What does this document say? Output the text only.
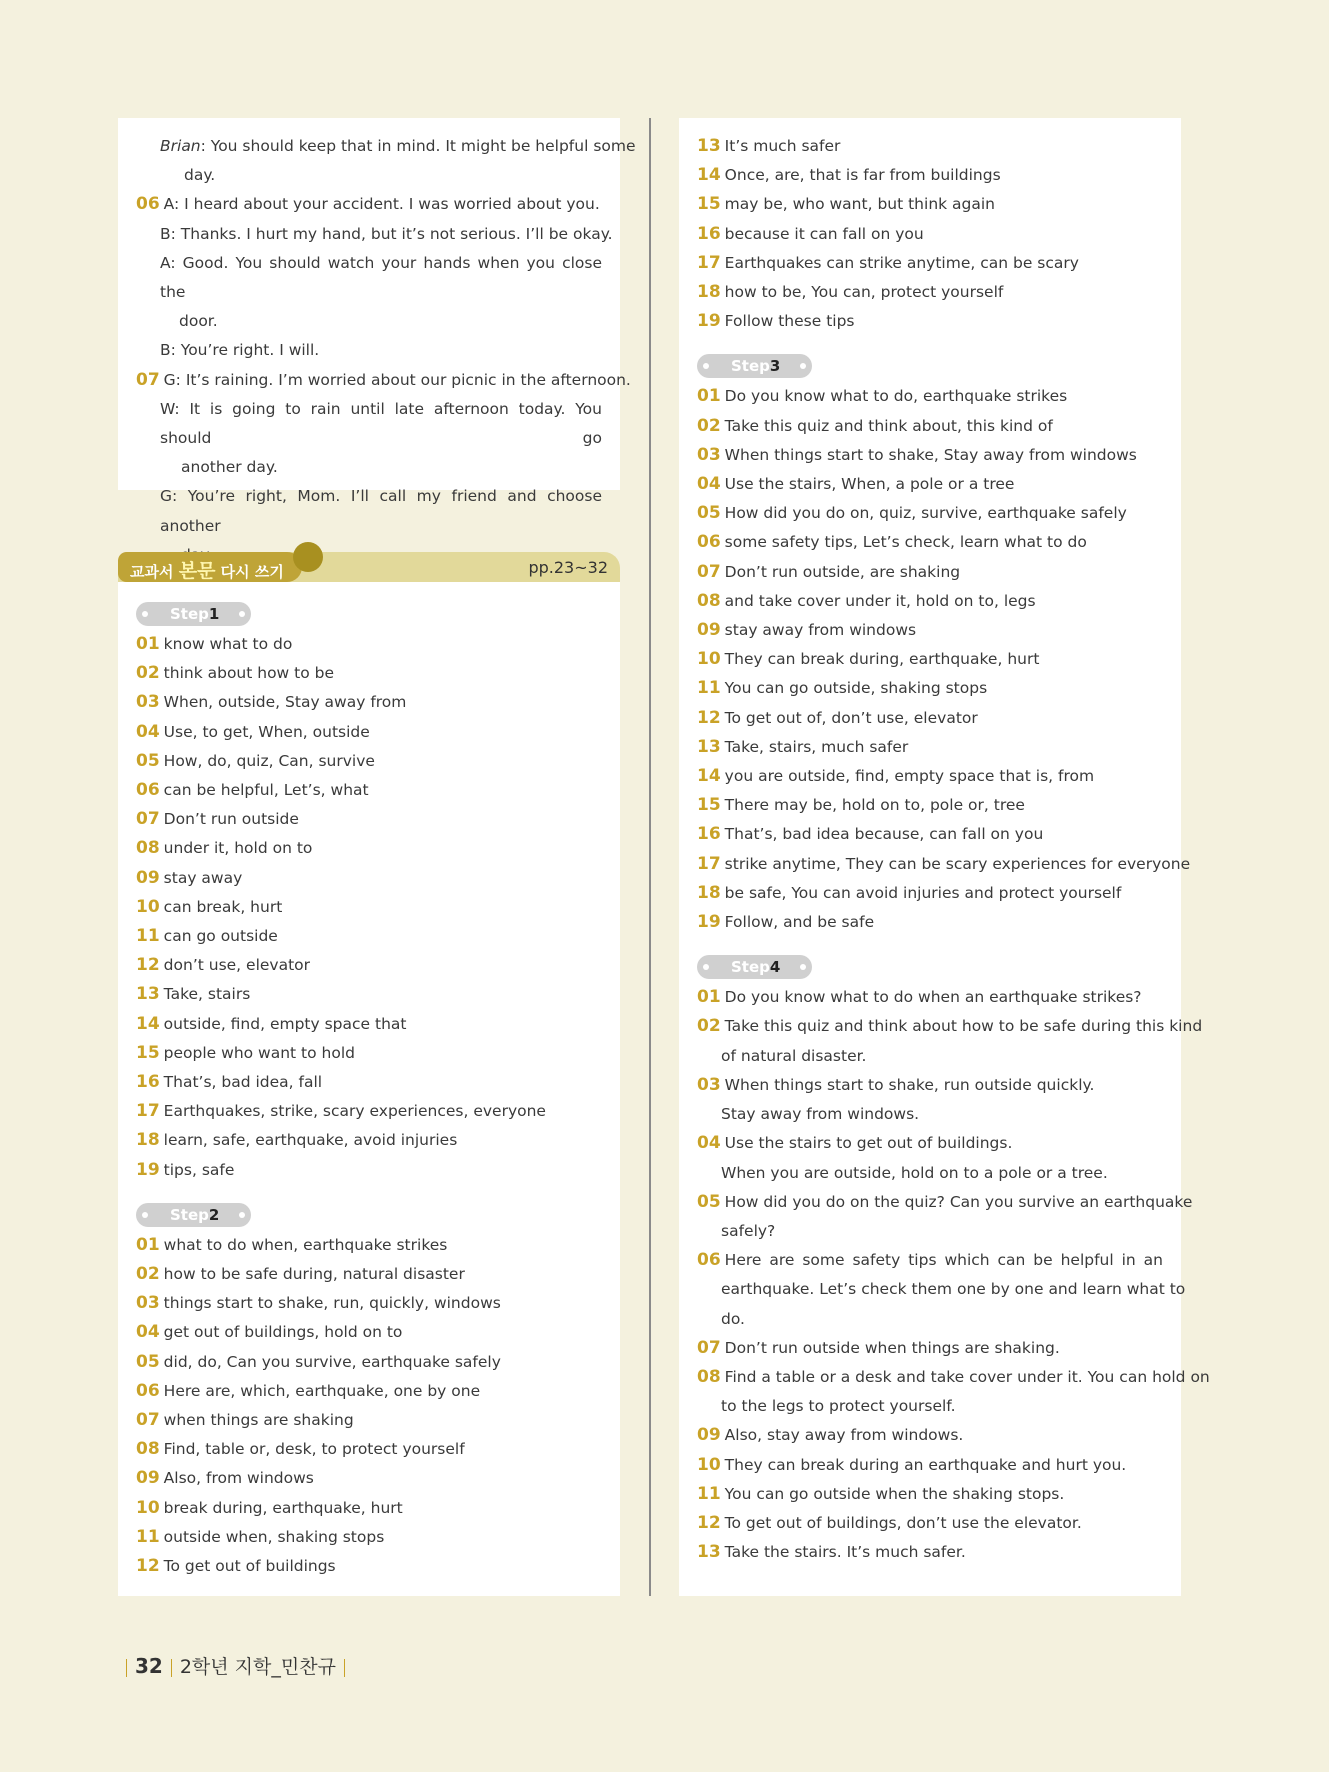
Brian: You should keep that in mind. It might be helpful some
day.
06 A: I heard about your accident. I was worried about you.
B: Thanks. I hurt my hand, but it’s not serious. I’ll be okay.
A: Good. You should watch your hands when you close the
door.
B: You’re right. I will.
07 G: It’s raining. I’m worried about our picnic in the afternoon.
W: It is going to rain until late afternoon today. You should go
another day.
G: You’re right, Mom. I’ll call my friend and choose another
교과서 본문 다시 쓰기	pp.23~32
Step1
01 know what to do
02 think about how to be
03 When, outside, Stay away from
04 Use, to get, When, outside
05 How, do, quiz, Can, survive
06 can be helpful, Let’s, what
07 Don’t run outside
08 under it, hold on to
09 stay away
10 can break, hurt
11 can go outside
12 don’t use, elevator
13 Take, stairs
14 outside, find, empty space that
15 people who want to hold
16 That’s, bad idea, fall
17 Earthquakes, strike, scary experiences, everyone
18 learn, safe, earthquake, avoid injuries
19 tips, safe
Step2
01 what to do when, earthquake strikes
02 how to be safe during, natural disaster
03 things start to shake, run, quickly, windows
04 get out of buildings, hold on to
05 did, do, Can you survive, earthquake safely
06 Here are, which, earthquake, one by one
07 when things are shaking
08 Find, table or, desk, to protect yourself
09 Also, from windows
10 break during, earthquake, hurt
11 outside when, shaking stops
12 To get out of buildings
13 It’s much safer
14 Once, are, that is far from buildings
15 may be, who want, but think again
16 because it can fall on you
17 Earthquakes can strike anytime, can be scary
18 how to be, You can, protect yourself
19 Follow these tips
Step3
01 Do you know what to do, earthquake strikes
02 Take this quiz and think about, this kind of
03 When things start to shake, Stay away from windows
04 Use the stairs, When, a pole or a tree
05 How did you do on, quiz, survive, earthquake safely
06 some safety tips, Let’s check, learn what to do
07 Don’t run outside, are shaking
08 and take cover under it, hold on to, legs
09 stay away from windows
10 They can break during, earthquake, hurt
11 You can go outside, shaking stops
12 To get out of, don’t use, elevator
13 Take, stairs, much safer
14 you are outside, find, empty space that is, from
15 There may be, hold on to, pole or, tree
16 That’s, bad idea because, can fall on you
17 strike anytime, They can be scary experiences for everyone
18 be safe, You can avoid injuries and protect yourself
19 Follow, and be safe
Step4
01 Do you know what to do when an earthquake strikes?
02 Take this quiz and think about how to be safe during this kind
of natural disaster.
03 When things start to shake, run outside quickly.
Stay away from windows.
04 Use the stairs to get out of buildings.
When you are outside, hold on to a pole or a tree.
05 How did you do on the quiz? Can you survive an earthquake
safely?
06 Here are some safety tips which can be helpful in an
earthquake. Let’s check them one by one and learn what to
do.
07 Don’t run outside when things are shaking.
08 Find a table or a desk and take cover under it. You can hold on
to the legs to protect yourself.
09 Also, stay away from windows.
10 They can break during an earthquake and hurt you.
11 You can go outside when the shaking stops.
12 To get out of buildings, don’t use the elevator.
13 Take the stairs. It’s much safer.
32 2학년 지학_민찬규
